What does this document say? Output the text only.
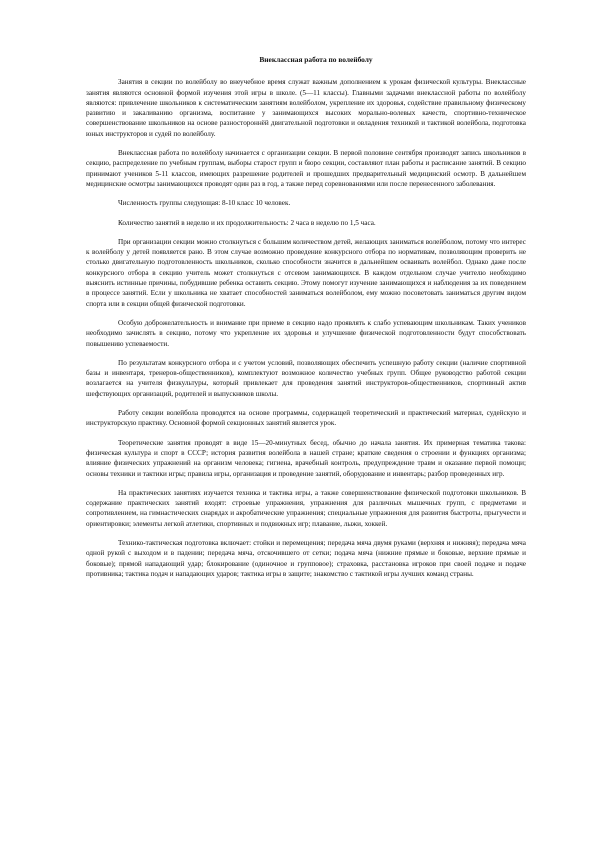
Внеклассная работа по волейболу

Занятия в секции по волейболу во внеучебное время служат важным дополнением к урокам физической культуры. Внеклассные занятия являются основной формой изучения этой игры в школе. (5—11 классы). Главными задачами внеклассной работы по волейболу являются: привлечение школьников к систематическим занятиям волейболом, укрепление их здоровья, содействие правильному физическому развитию и закаливанию организма, воспитание у занимающихся высоких морально-волевых качеств, спортивно-техническое совершенствование школьников на основе разностороннёй двигательной подготовки и овладения техникой и тактикой волейбола, подготовка юных инструкторов и судей по волейболу.

Внеклассная работа по волейболу начинается с организации секции. В первой половине сентября производят запись школьников в секцию, распределение по учебным группам, выборы старост групп и бюро секции, составляют план работы и расписание занятий. В секцию принимают учеников 5-11 классов, имеющих разрешение родителей и прошедших предварительный медицинский осмотр. В дальнейшем медицинские осмотры занимающихся проводят один раз в год, а также перед соревнованиями или после перенесенного заболевания.

Численность группы следующая: 8-10 класс 10 человек.

Количество занятий в неделю и их продолжительность: 2 часа в неделю по 1,5 часа.

При организации секции можно столкнуться с большим количеством детей, желающих заниматься волейболом, потому что интерес к волейболу у детей появляется рано. В этом случае возможно проведение конкурсного отбора по нормативам, позволяющим проверить не столько двигательную подготовленность школьников, сколько способности значится в дальнейшем осваивать волейбол. Однако даже после конкурсного отбора в секцию учитель может столкнуться с отсевом занимающихся. В каждом отдельном случае учителю необходимо выяснить истинные причины, побудившие ребенка оставить секцию. Этому помогут изучение занимающихся и наблюдения за их поведением в процессе занятий. Если у школьника не хватает способностей заниматься волейболом, ему можно посоветовать заниматься другим видом спорта или в секции общей физической подготовки.

Особую доброжелательность и внимание при приеме в секцию надо проявлять к слабо успевающим школьникам. Таких учеников необходимо зачислять в секцию, потому что укрепление их здоровья и улучшение физической подготовленности будут способствовать повышению успеваемости.

По результатам конкурсного отбора и с учетом условий, позволяющих обеспечить успешную работу секции (наличие спортивной базы и инвентаря, тренеров-общественников), комплектуют возможное количество учебных групп. Общее руководство работой секции возлагается на учителя физкультуры, который привлекает для проведения занятий инструкторов-общественников, спортивный актив шефствующих организаций, родителей и выпускников школы.

Работу секции волейбола проводятся на основе программы, содержащей теоретический и практический материал, судейскую и инструкторскую практику. Основной формой секционных занятий является урок.

Теоретические занятия проводят в виде 15—20-минутных бесед, обычно до начала занятия. Их примерная тематика такова: физическая культура и спорт в СССР; история развития волейбола в нашей стране; краткие сведения о строении и функциях организма; влияние физических упражнений на организм человека; гигиена, врачебный контроль, предупреждение травм и оказание первой помощи; основы техники и тактики игры; правила игры, организация и проведение занятий, оборудование и инвентарь; разбор проведенных игр.

На практических занятиях изучается техника и тактика игры, а также совершенствование физической подготовки школьников. В содержание практических занятий входят: строевые упражнения, упражнения для различных мышечных групп, с предметами и сопротивлением, на гимнастических снарядах и акробатические упражнения; специальные упражнения для развития быстроты, прыгучести и ориентировки; элементы легкой атлетики, спортивных и подвижных игр; плавание, лыжи, хоккей.

Технико-тактическая подготовка включает: стойки и перемещения; передача мяча двумя руками (верхняя и нижняя); передача мяча одной рукой с выходом и в падении; передача мяча, отскочившего от сетки; подача мяча (нижние прямые и боковые, верхние прямые и боковые); прямой нападающий удар; блокирование (одиночное и групповое); страховка, расстановка игроков при своей подаче и подаче противника; тактика подач и нападающих ударов; тактика игры в защите; знакомство с тактикой игры лучших команд страны.
